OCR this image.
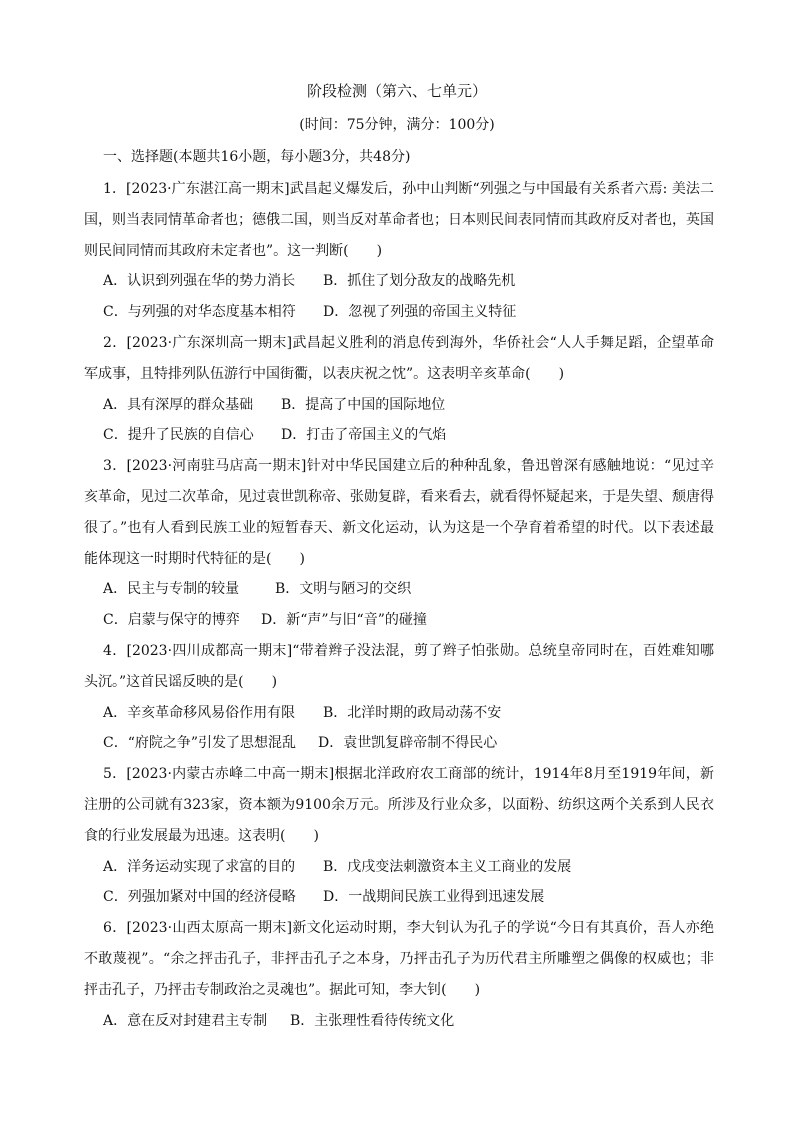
阶段检测（第六、七单元）
(时间：75分钟，满分：100分)
一、选择题(本题共16小题，每小题3分，共48分)

1．[2023·广东湛江高一期末]武昌起义爆发后，孙中山判断“列强之与中国最有关系者六焉: 美法二国，则当表同情革命者也；德俄二国，则当反对革命者也；日本则民间表同情而其政府反对者也，英国则民间同情而其政府未定者也”。这一判断(　　)

A．认识到列强在华的势力消长 B．抓住了划分敌友的战略先机
C．与列强的对华态度基本相符 D．忽视了列强的帝国主义特征

2．[2023·广东深圳高一期末]武昌起义胜利的消息传到海外，华侨社会“人人手舞足蹈，企望革命军成事，且特排列队伍游行中国街衢，以表庆祝之忱”。这表明辛亥革命(　　)

A．具有深厚的群众基础 B．提高了中国的国际地位
C．提升了民族的自信心 D．打击了帝国主义的气焰

3．[2023·河南驻马店高一期末]针对中华民国建立后的种种乱象，鲁迅曾深有感触地说：“见过辛亥革命，见过二次革命，见过袁世凯称帝、张勋复辟，看来看去，就看得怀疑起来，于是失望、颓唐得很了。”也有人看到民族工业的短暂春天、新文化运动，认为这是一个孕育着希望的时代。以下表述最能体现这一时期时代特征的是(　　)

A．民主与专制的较量	B．文明与陋习的交织
C．启蒙与保守的博弈 D．新“声”与旧“音”的碰撞

4．[2023·四川成都高一期末]“带着辫子没法混，剪了辫子怕张勋。总统皇帝同时在，百姓难知哪头沉。”这首民谣反映的是(　　)

A．辛亥革命移风易俗作用有限 B．北洋时期的政局动荡不安
C．“府院之争”引发了思想混乱 D．袁世凯复辟帝制不得民心

5．[2023·内蒙古赤峰二中高一期末]根据北洋政府农工商部的统计，1914年8月至1919年间，新注册的公司就有323家，资本额为9100余万元。所涉及行业众多，以面粉、纺织这两个关系到人民衣食的行业发展最为迅速。这表明(　　)

A．洋务运动实现了求富的目的 B．戊戌变法刺激资本主义工商业的发展
C．列强加紧对中国的经济侵略 D．一战期间民族工业得到迅速发展

6．[2023·山西太原高一期末]新文化运动时期，李大钊认为孔子的学说“今日有其真价，吾人亦绝不敢蔑视”。“余之抨击孔子，非抨击孔子之本身，乃抨击孔子为历代君主所雕塑之偶像的权威也；非抨击孔子，乃抨击专制政治之灵魂也”。据此可知，李大钊(　　)

A．意在反对封建君主专制 B．主张理性看待传统文化
